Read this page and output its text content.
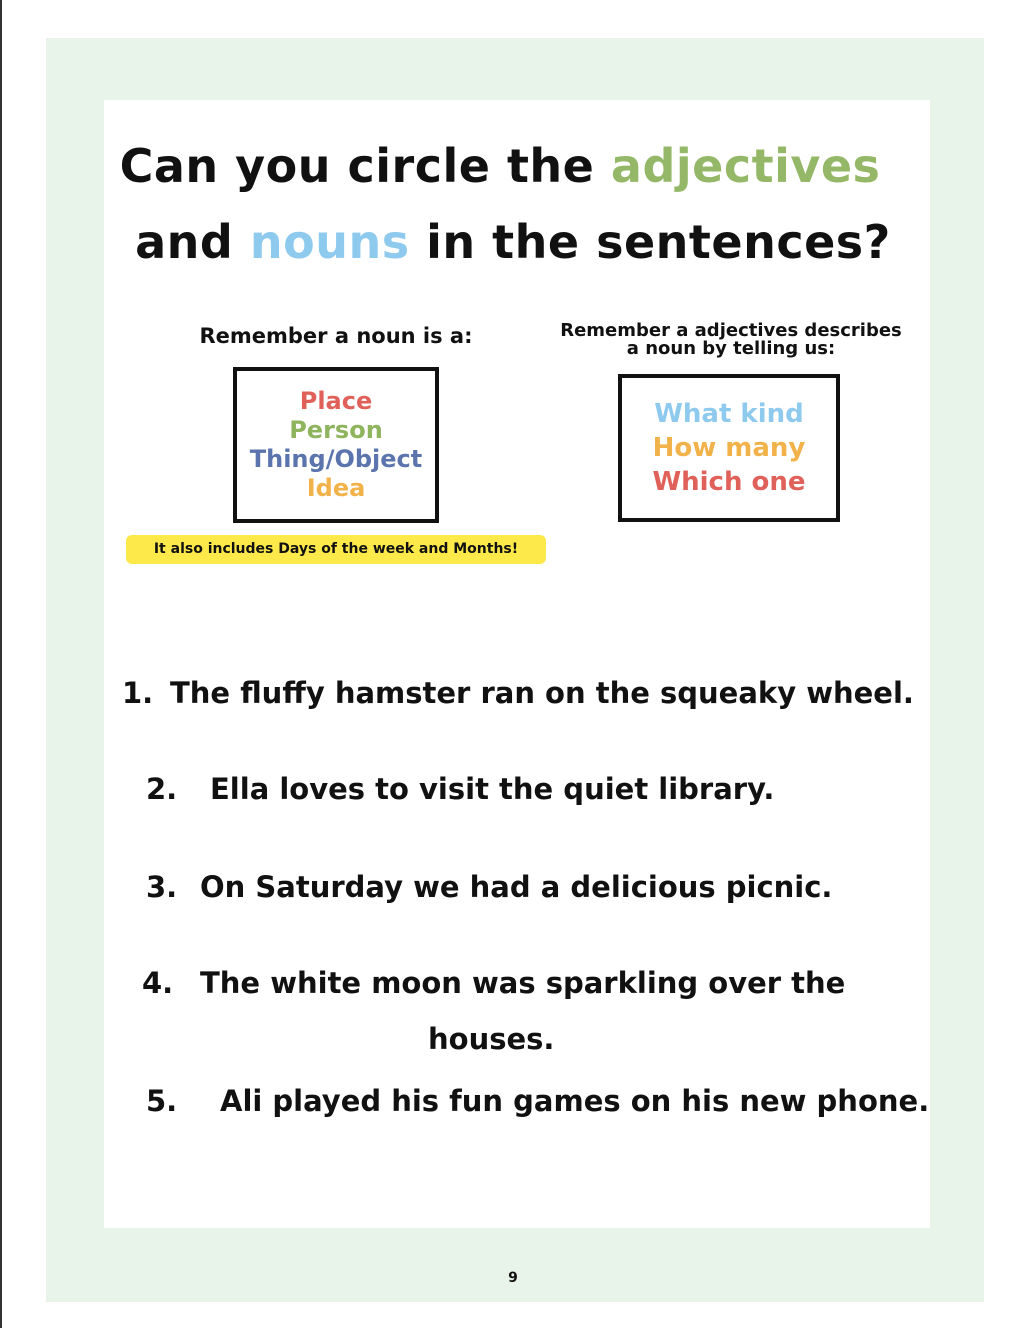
Can you circle the adjectives
and nouns in the sentences?
Remember a noun is a:	Remember a adjectives describes
a noun by telling us:
Place
Person
Thing/Object
Idea
What kind
How many
Which one
It also includes Days of the week and Months!
1. The fluffy hamster ran on the squeaky wheel.
2. Ella loves to visit the quiet library.
3. On Saturday we had a delicious picnic.
4. The white moon was sparkling over the
houses.
5. Ali played his fun games on his new phone.
9
